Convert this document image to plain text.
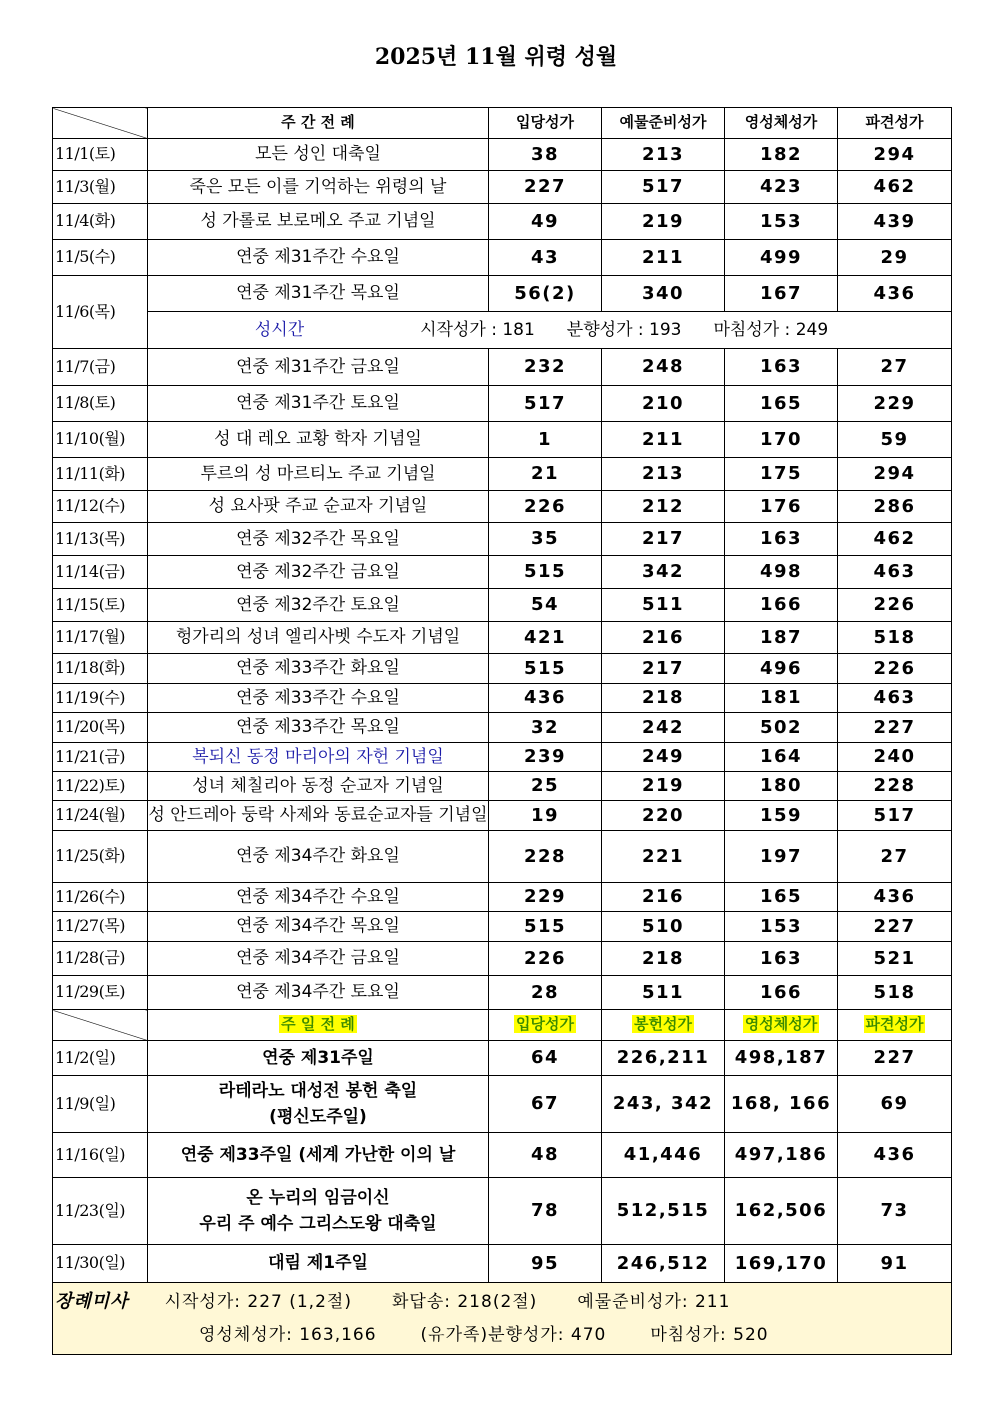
2025년 11월 위령 성월
	주 간 전 례	입당성가	예물준비성가	영성체성가	파견성가
11/1(토)	모든 성인 대축일	38	213	182	294
11/3(월)	죽은 모든 이를 기억하는 위령의 날	227	517	423	462
11/4(화)	성 가롤로 보로메오 주교 기념일	49	219	153	439
11/5(수)	연중 제31주간 수요일	43	211	499	29
11/6(목)	연중 제31주간 목요일	56(2)	340	167	436
	성시간 시작성가 : 181 분향성가 : 193 마침성가 : 249				
11/7(금)	연중 제31주간 금요일	232	248	163	27
11/8(토)	연중 제31주간 토요일	517	210	165	229
11/10(월)	성 대 레오 교황 학자 기념일	1	211	170	59
11/11(화)	투르의 성 마르티노 주교 기념일	21	213	175	294
11/12(수)	성 요사팟 주교 순교자 기념일	226	212	176	286
11/13(목)	연중 제32주간 목요일	35	217	163	462
11/14(금)	연중 제32주간 금요일	515	342	498	463
11/15(토)	연중 제32주간 토요일	54	511	166	226
11/17(월)	헝가리의 성녀 엘리사벳 수도자 기념일	421	216	187	518
11/18(화)	연중 제33주간 화요일	515	217	496	226
11/19(수)	연중 제33주간 수요일	436	218	181	463
11/20(목)	연중 제33주간 목요일	32	242	502	227
11/21(금)	복되신 동정 마리아의 자헌 기념일	239	249	164	240
11/22)토)	성녀 체칠리아 동정 순교자 기념일	25	219	180	228
11/24(월)	성 안드레아 둥락 사제와 동료순교자들 기념일	19	220	159	517
11/25(화)	연중 제34주간 화요일	228	221	197	27
11/26(수)	연중 제34주간 수요일	229	216	165	436
11/27(목)	연중 제34주간 목요일	515	510	153	227
11/28(금)	연중 제34주간 금요일	226	218	163	521
11/29(토)	연중 제34주간 토요일	28	511	166	518
	주 일 전 례	입당성가	봉헌성가	영성체성가	파견성가
11/2(일)	연중 제31주일	64	226,211	498,187	227
11/9(일)	라테라노 대성전 봉헌 축일
(평신도주일)	67	243, 342	168, 166	69
11/16(일)	연중 제33주일 (세계 가난한 이의 날	48	41,446	497,186	436
11/23(일)	온 누리의 임금이신
우리 주 예수 그리스도왕 대축일	78	512,515	162,506	73
11/30(일)	대림 제1주일	95	246,512	169,170	91

장례미사 시작성가: 227 (1,2절) 화답송: 218(2절) 예물준비성가: 211
영성체성가: 163,166 (유가족)분향성가: 470 마침성가: 520					
